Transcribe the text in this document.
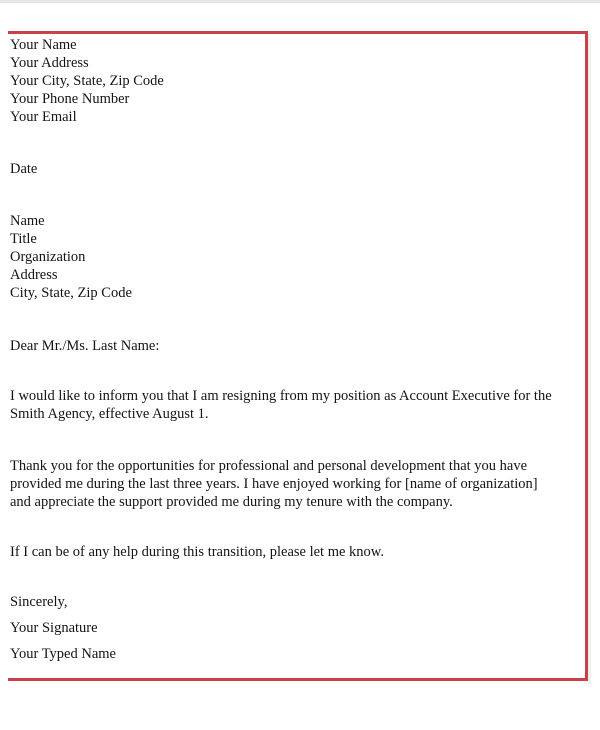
Your Name

Your Address

Your City, State, Zip Code

Your Phone Number

Your Email

Date

Name

Title

Organization

Address

City, State, Zip Code

Dear Mr./Ms. Last Name:

I would like to inform you that I am resigning from my position as Account Executive for the

Smith Agency, effective August 1.

Thank you for the opportunities for professional and personal development that you have

provided me during the last three years. I have enjoyed working for [name of organization]

and appreciate the support provided me during my tenure with the company.

If I can be of any help during this transition, please let me know.

Sincerely,

Your Signature

Your Typed Name
